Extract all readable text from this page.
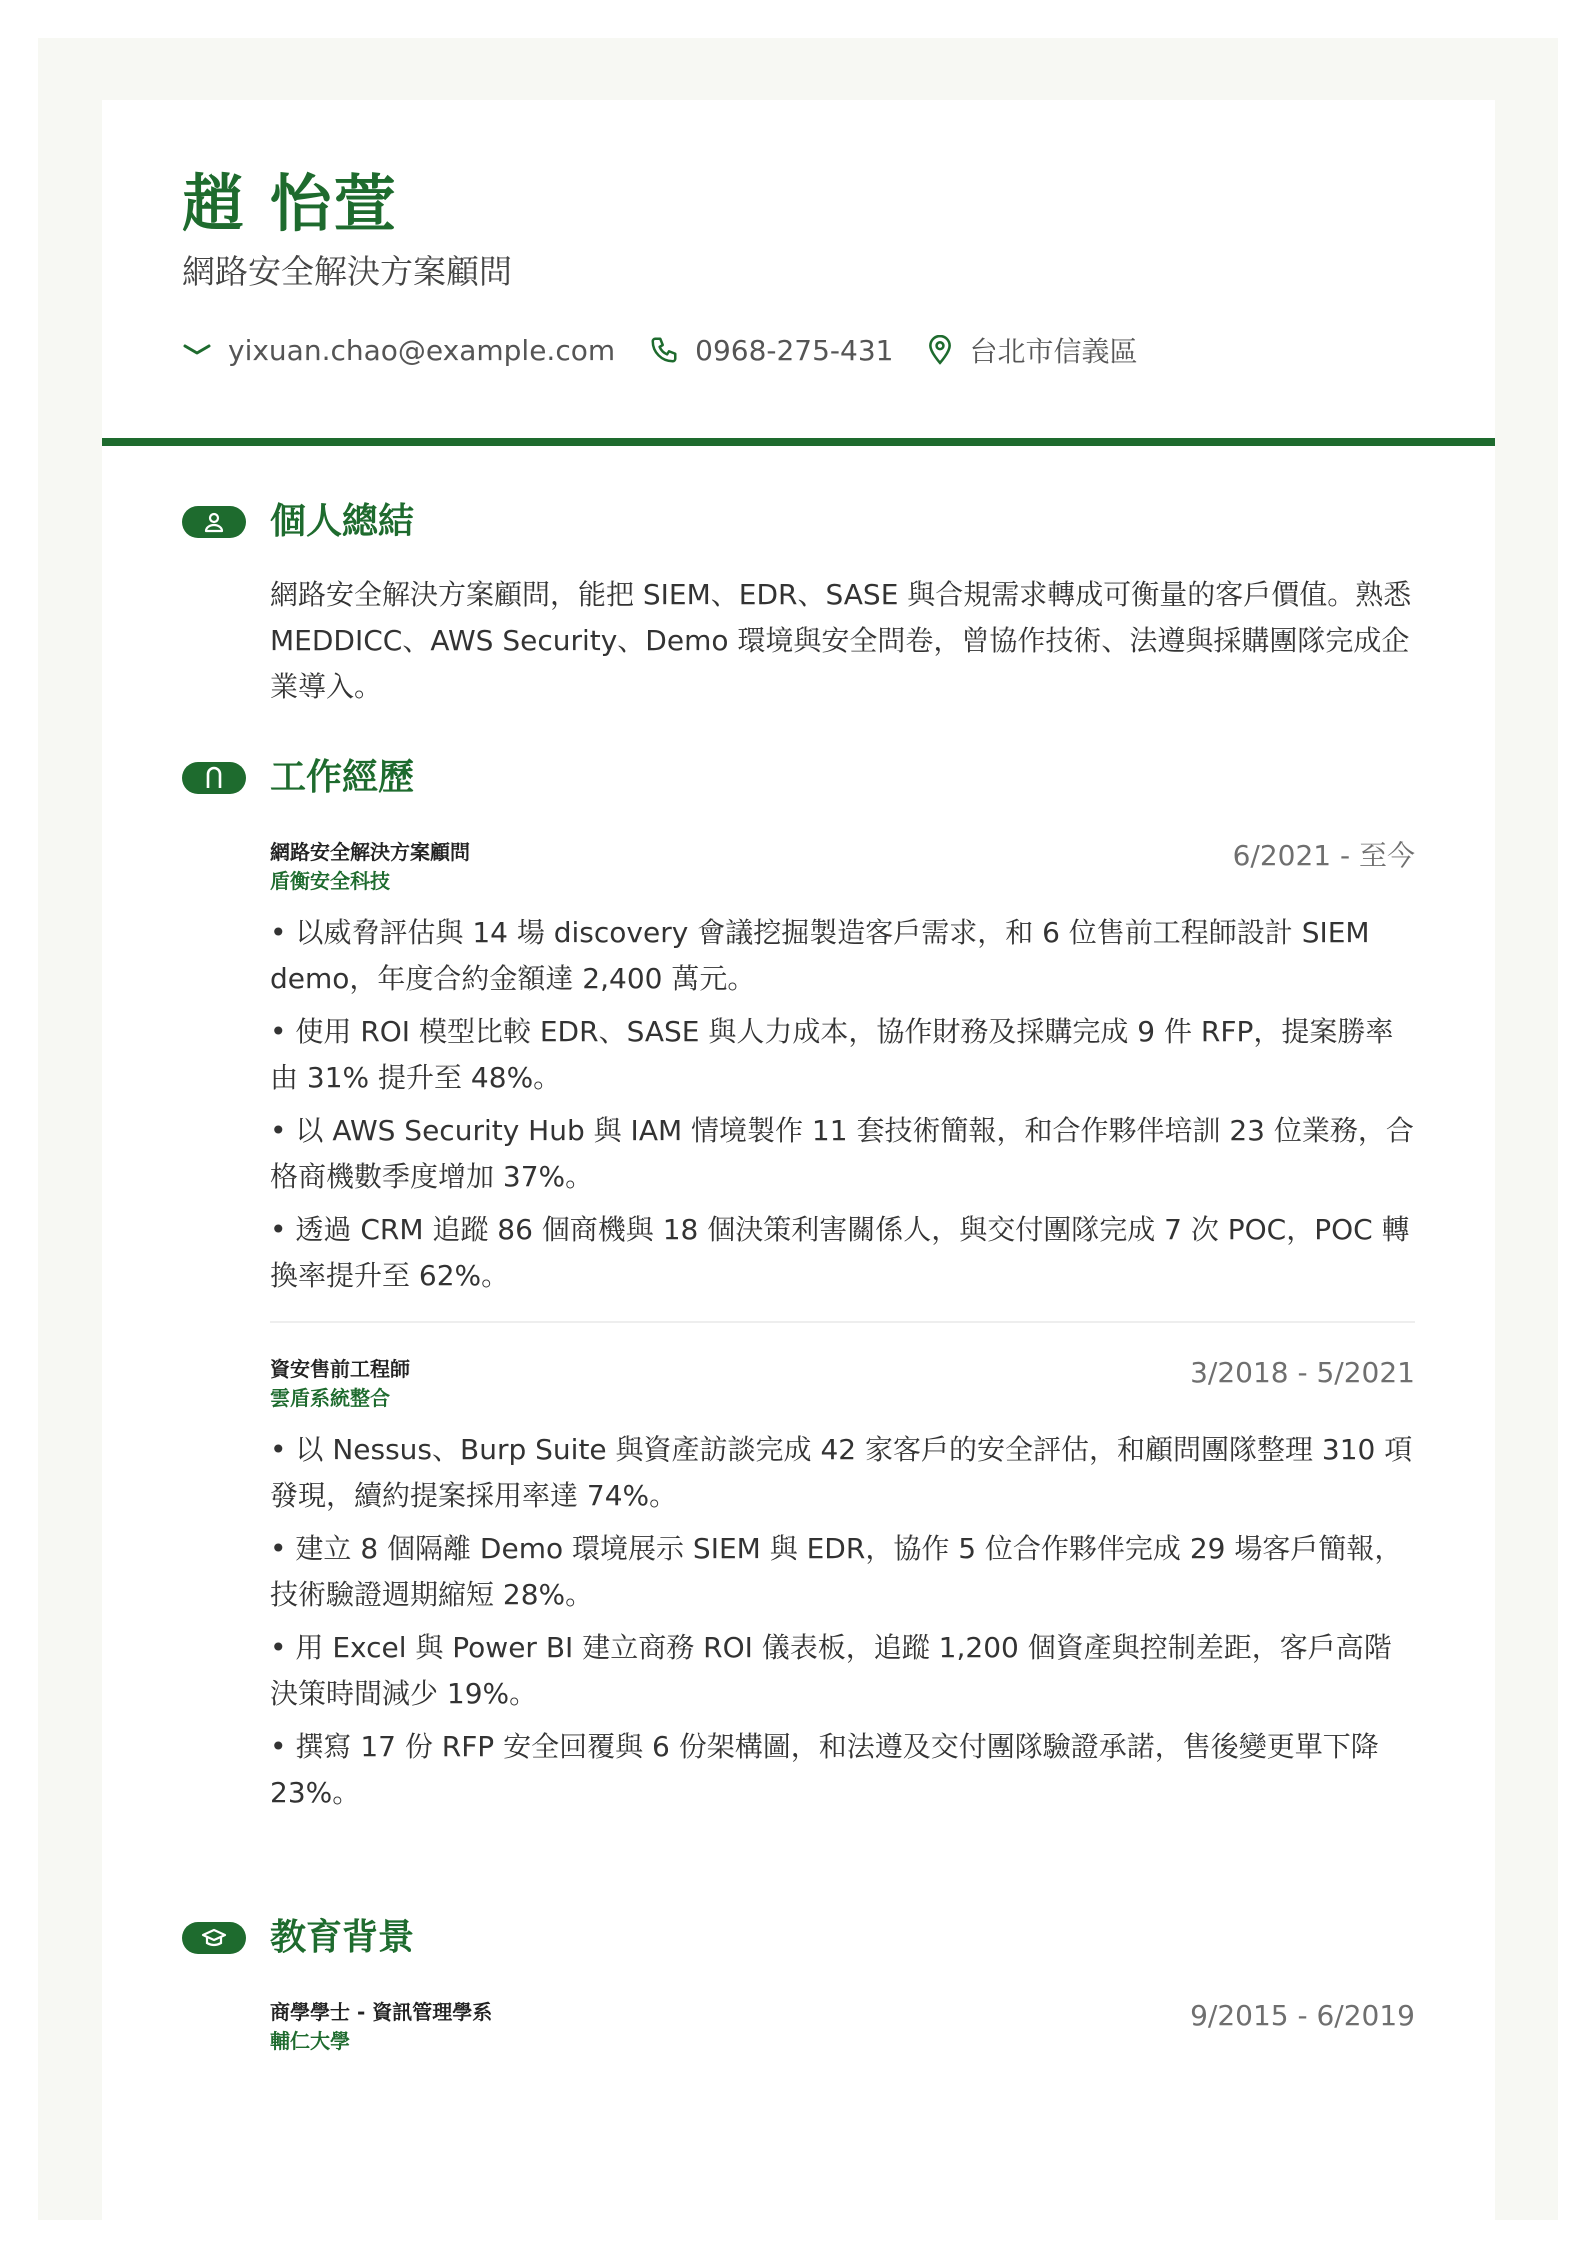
趙 怡萱
網路安全解決方案顧問
yixuan.chao@example.com	0968-275-431	台北市信義區
個人總結
網路安全解決方案顧問，能把 SIEM、EDR、SASE 與合規需求轉成可衡量的客戶價值。熟悉 MEDDICC、AWS Security、Demo 環境與安全問卷，曾協作技術、法遵與採購團隊完成企業導入。
工作經歷
網路安全解決方案顧問
盾衡安全科技
6/2021 - 至今
• 以威脅評估與 14 場 discovery 會議挖掘製造客戶需求，和 6 位售前工程師設計 SIEM demo，年度合約金額達 2,400 萬元。
• 使用 ROI 模型比較 EDR、SASE 與人力成本，協作財務及採購完成 9 件 RFP，提案勝率由 31% 提升至 48%。
• 以 AWS Security Hub 與 IAM 情境製作 11 套技術簡報，和合作夥伴培訓 23 位業務，合格商機數季度增加 37%。
• 透過 CRM 追蹤 86 個商機與 18 個決策利害關係人，與交付團隊完成 7 次 POC，POC 轉換率提升至 62%。
資安售前工程師
雲盾系統整合
3/2018 - 5/2021
• 以 Nessus、Burp Suite 與資產訪談完成 42 家客戶的安全評估，和顧問團隊整理 310 項發現，續約提案採用率達 74%。
• 建立 8 個隔離 Demo 環境展示 SIEM 與 EDR，協作 5 位合作夥伴完成 29 場客戶簡報，技術驗證週期縮短 28%。
• 用 Excel 與 Power BI 建立商務 ROI 儀表板，追蹤 1,200 個資產與控制差距，客戶高階決策時間減少 19%。
• 撰寫 17 份 RFP 安全回覆與 6 份架構圖，和法遵及交付團隊驗證承諾，售後變更單下降 23%。
教育背景
商學學士 - 資訊管理學系
輔仁大學
9/2015 - 6/2019
